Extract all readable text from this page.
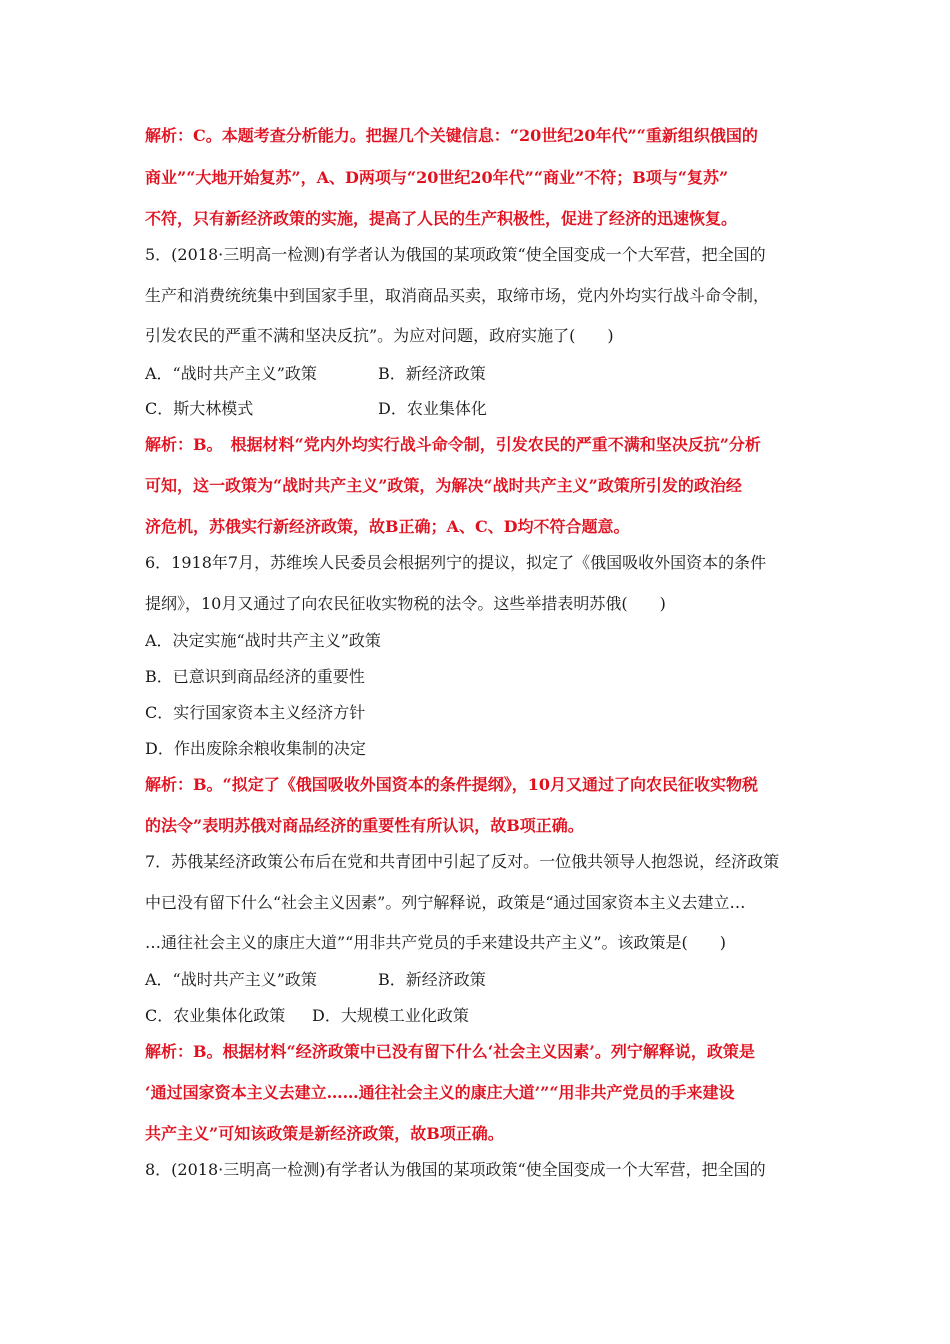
解析：C。本题考查分析能力。把握几个关键信息：“20世纪20年代”“重新组织俄国的
商业”“大地开始复苏”，A、D两项与“20世纪20年代”“商业”不符；B项与“复苏”
不符，只有新经济政策的实施，提高了人民的生产积极性，促进了经济的迅速恢复。
5．(2018·三明高一检测)有学者认为俄国的某项政策“使全国变成一个大军营，把全国的
生产和消费统统集中到国家手里，取消商品买卖，取缔市场，党内外均实行战斗命令制，
引发农民的严重不满和坚决反抗”。为应对问题，政府实施了(　　)
A．“战时共产主义”政策	B．新经济政策
C．斯大林模式	D．农业集体化
解析：B。　根据材料“党内外均实行战斗命令制，引发农民的严重不满和坚决反抗”分析
可知，这一政策为“战时共产主义”政策，为解决“战时共产主义”政策所引发的政治经
济危机，苏俄实行新经济政策，故B正确；A、C、D均不符合题意。
6．1918年7月，苏维埃人民委员会根据列宁的提议，拟定了《俄国吸收外国资本的条件
提纲》，10月又通过了向农民征收实物税的法令。这些举措表明苏俄(　　)
A．决定实施“战时共产主义”政策
B．已意识到商品经济的重要性
C．实行国家资本主义经济方针
D．作出废除余粮收集制的决定
解析：B。“拟定了《俄国吸收外国资本的条件提纲》，10月又通过了向农民征收实物税
的法令”表明苏俄对商品经济的重要性有所认识，故B项正确。
7．苏俄某经济政策公布后在党和共青团中引起了反对。一位俄共领导人抱怨说，经济政策
中已没有留下什么“社会主义因素”。列宁解释说，政策是“通过国家资本主义去建立…
…通往社会主义的康庄大道”“用非共产党员的手来建设共产主义”。该政策是(　　)
A．“战时共产主义”政策	B．新经济政策
C．农业集体化政策 D．大规模工业化政策
解析：B。根据材料“经济政策中已没有留下什么‘社会主义因素’。列宁解释说，政策是
‘通过国家资本主义去建立……通往社会主义的康庄大道’”“用非共产党员的手来建设
共产主义”可知该政策是新经济政策，故B项正确。
8．(2018·三明高一检测)有学者认为俄国的某项政策“使全国变成一个大军营，把全国的
